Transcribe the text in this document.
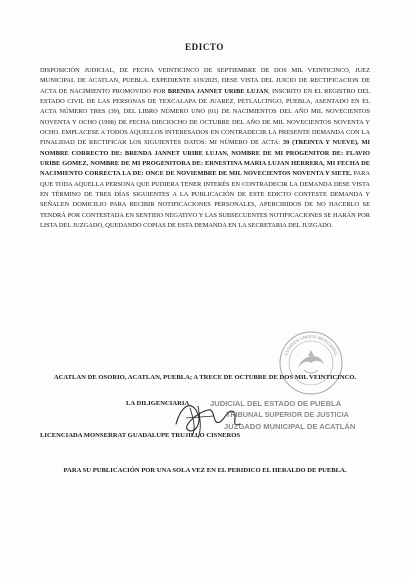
EDICTO
DISPOSICIÓN JUDICIAL, DE FECHA VEINTICINCO DE SEPTIEMBRE DE DOS MIL VEINTICINCO, JUEZ MUNICIPAL DE ACATLAN, PUEBLA. EXPEDIENTE 619/2025, DESE VISTA DEL JUICIO DE RECTIFICACION DE ACTA DE NACIMIENTO PROMOVIDO POR BRENDA JANNET URIBE LUJAN, INSCRITO EN EL REGISTRO DEL ESTADO CIVIL DE LAS PERSONAS DE TEXCALAPA DE JUAREZ, PETLALCINGO, PUEBLA, ASENTADO EN EL ACTA NÚMERO TRES (39), DEL LIBRO NÚMERO UNO (01) DE NACIMIENTOS DEL AÑO MIL NOVECIENTOS NOVENTA Y OCHO (1998) DE FECHA DIECIOCHO DE OCTUBRE DEL AÑO DE MIL NOVECIENTOS NOVENTA Y OCHO. EMPLACESE A TODOS AQUELLOS INTERESADOS EN CONTRADECIR LA PRESENTE DEMANDA CON LA FINALIDAD DE RECTIFICAR LOS SIGUIENTES DATOS: MI NÚMERO DE ACTA: 39 (TREINTA Y NUEVE), MI NOMBRE CORRECTO DE: BRENDA JANNET URIBE LUJAN, NOMBRE DE MI PROGENITOR DE: FLAVIO URIBE GOMEZ, NOMBRE DE MI PROGENITORA DE: ERNESTINA MARIA LUJAN HERRERA, MI FECHA DE NACIMIENTO CORRECTA LA DE: ONCE DE NOVIEMBRE DE MIL NOVECIENTOS NOVENTA Y SIETE. PARA QUE TODA AQUELLA PERSONA QUE PUDIERA TENER INTERÉS EN CONTRADECIR LA DEMANDA DESE VISTA EN TÉRMINO DE TRES DÍAS SIGUIENTES A LA PUBLICACIÓN DE ESTE EDICTO CONTESTE DEMANDA Y SEÑALEN DOMICILIO PARA RECIBIR NOTIFICACIONES PERSONALES, APERCIBIDOS DE NO HACERLO SE TENDRÁ POR CONTESTADA EN SENTIDO NEGATIVO Y LAS SUBSECUENTES NOTIFICACIONES SE HARÁN POR LISTA DEL JUZGADO, QUEDANDO COPIAS DE ESTA DEMANDA EN LA SECRETARIA DEL JUZGADO.
ESTADOS UNIDOS MEXICANOS
ACATLAN DE OSORIO, ACATLAN, PUEBLA; A TRECE DE OCTUBRE DE DOS MIL VEINTICINCO.
LA DILIGENCIARIA	JUDICIAL DEL ESTADO DE PUEBLA
TRIBUNAL SUPERIOR DE JUSTICIA
JUZGADO MUNICIPAL DE ACATLÁN
LICENCIADA MONSERRAT GUADALUPE TRUJILLO CISNEROS
PARA SU PUBLICACIÓN POR UNA SOLA VEZ EN EL PERIDICO EL HERALDO DE PUEBLA.
